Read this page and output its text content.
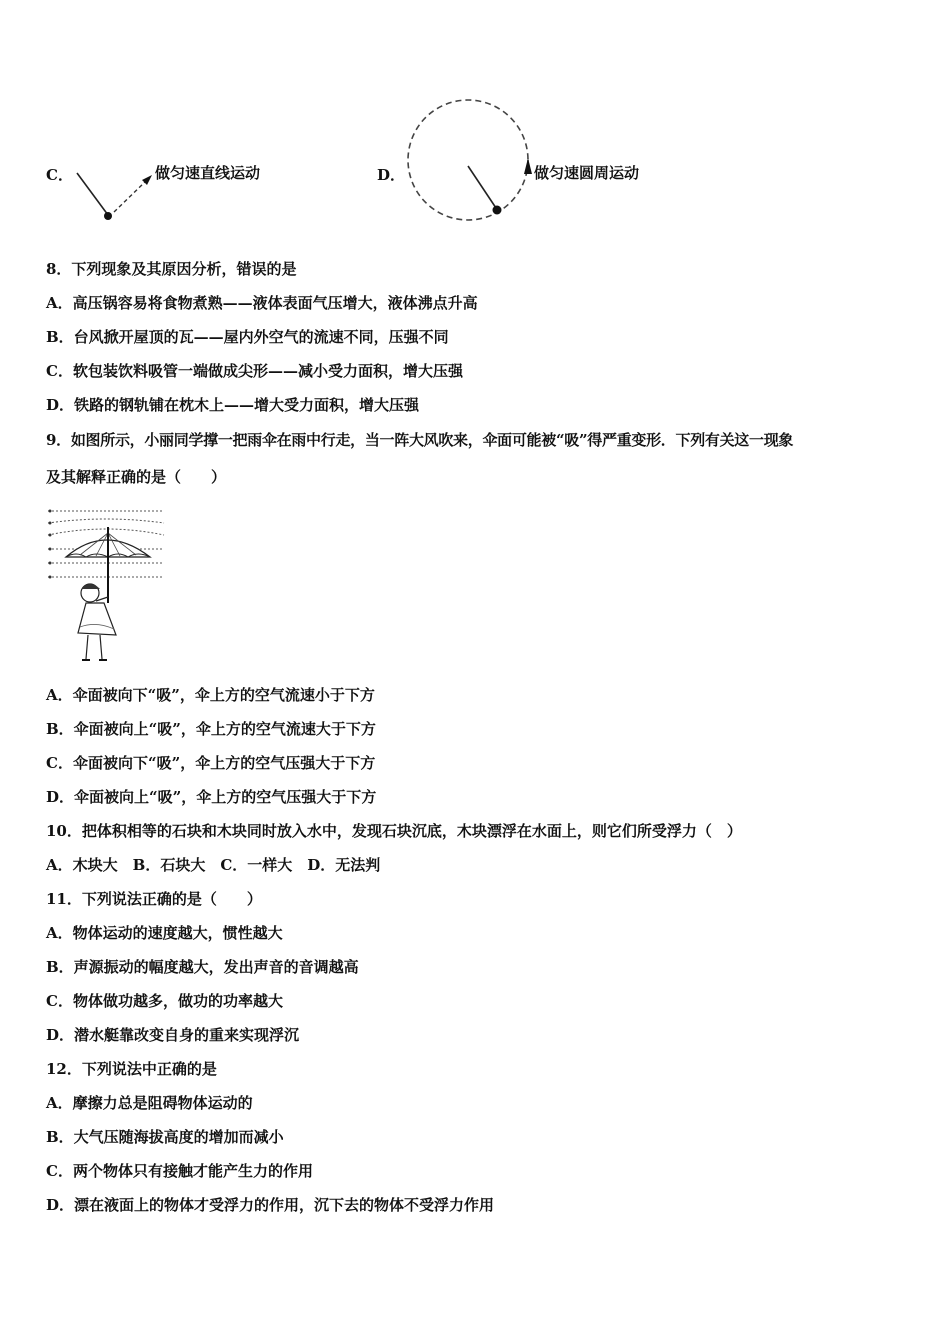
C．	做匀速直线运动	D．	做匀速圆周运动
8．下列现象及其原因分析，错误的是
A．高压锅容易将食物煮熟——液体表面气压增大，液体沸点升高
B．台风掀开屋顶的瓦——屋内外空气的流速不同，压强不同
C．软包装饮料吸管一端做成尖形——减小受力面积，增大压强
D．铁路的钢轨铺在枕木上——增大受力面积，增大压强
9．如图所示，小丽同学撑一把雨伞在雨中行走，当一阵大风吹来，伞面可能被“吸”得严重变形．下列有关这一现象
及其解释正确的是（　　）
A．伞面被向下“吸”，伞上方的空气流速小于下方
B．伞面被向上“吸”，伞上方的空气流速大于下方
C．伞面被向下“吸”，伞上方的空气压强大于下方
D．伞面被向上“吸”，伞上方的空气压强大于下方
10．把体积相等的石块和木块同时放入水中，发现石块沉底，木块漂浮在水面上，则它们所受浮力（　）
A．木块大　B．石块大　C．一样大　D．无法判
11．下列说法正确的是（　　）
A．物体运动的速度越大，惯性越大
B．声源振动的幅度越大，发出声音的音调越高
C．物体做功越多，做功的功率越大
D．潜水艇靠改变自身的重来实现浮沉
12．下列说法中正确的是
A．摩擦力总是阻碍物体运动的
B．大气压随海拔高度的增加而减小
C．两个物体只有接触才能产生力的作用
D．漂在液面上的物体才受浮力的作用，沉下去的物体不受浮力作用
